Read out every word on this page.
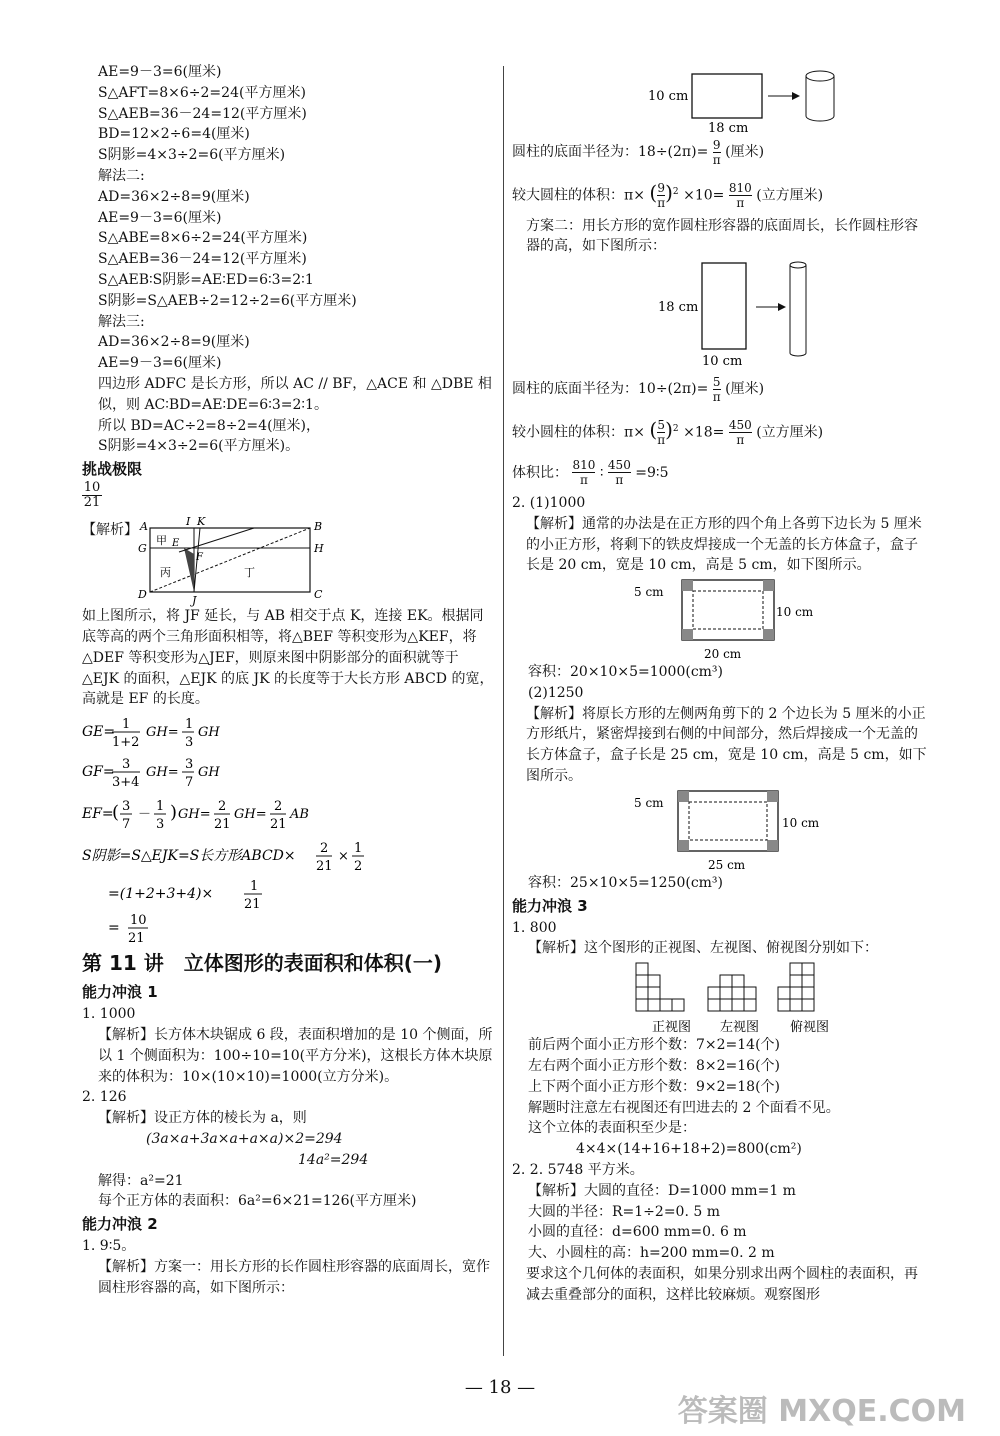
AE=9－3=6(厘米)
S△AFT=8×6÷2=24(平方厘米)
S△AEB=36－24=12(平方厘米)
BD=12×2÷6=4(厘米)
S阴影=4×3÷2=6(平方厘米)
解法二:
AD=36×2÷8=9(厘米)
AE=9－3=6(厘米)
S△ABE=8×6÷2=24(平方厘米)
S△AEB=36－24=12(平方厘米)
S△AEB∶S阴影=AE∶ED=6∶3=2∶1
S阴影=S△AEB÷2=12÷2=6(平方厘米)
解法三:
AD=36×2÷8=9(厘米)
AE=9－3=6(厘米)
四边形 ADFC 是长方形，所以 AC // BF，△ACE 和 △DBE 相似，则 AC∶BD=AE∶DE=6∶3=2∶1。
所以 BD=AC÷2=8÷2=4(厘米)，
S阴影=4×3÷2=6(平方厘米)。
挑战极限
10
21
【解析】 A	I K	B
G	E	H
F
D	J	C
甲
丙	丁
如上图所示，将 JF 延长，与 AB 相交于点 K，连接 EK。根据同底等高的两个三角形面积相等，将△BEF 等积变形为△KEF，将△DEF 等积变形为△JEF，则原来图中阴影部分的面积就等于△EJK 的面积，△EJK 的底 JK 的长度等于大长方形 ABCD 的宽，高就是 EF 的长度。
GE=
GF=
EF=
S阴影=S△EJK=S长方形ABCD×
=(1+2+3+4)×
=
1
1+2
GH=
1
3
GH
3
3+4
GH=
3
7
GH
( 3
7
－
1
3
) GH=
2
21
GH=
2
21
AB
2
21
×
1
2
1
21
10
21
第 11 讲　立体图形的表面积和体积(一)
能力冲浪 1
1. 1000
【解析】长方体木块锯成 6 段，表面积增加的是 10 个侧面，所以 1 个侧面积为：100÷10=10(平方分米)，这根长方体木块原来的体积为：10×(10×10)=1000(立方分米)。
2. 126
【解析】设正方体的棱长为 a，则
(3a×a+3a×a+a×a)×2=294
14a²=294
解得：a²=21
每个正方体的表面积：6a²=6×21=126(平方厘米)
能力冲浪 2
1. 9∶5。
【解析】方案一：用长方形的长作圆柱形容器的底面周长，宽作圆柱形容器的高，如下图所示：
10 cm
18 cm
圆柱的底面半径为：$18\div(2\pi)= \frac{9}{\pi}$ (厘米)
较大圆柱的体积：π× ( $\frac{9}{\pi} )^2 \times 10= \frac{810}{\pi}$ (立方厘米)
方案二：用长方形的宽作圆柱形容器的底面周长，长作圆柱形容器的高，如下图所示：
18 cm
10 cm
圆柱的底面半径为：$10\div(2\pi)= \frac{5}{\pi}$ (厘米)
较小圆柱的体积：π× ( $\frac{5}{\pi} )^2 \times 18= \frac{450}{\pi}$ (立方厘米)
体积比： $\frac{810}{\pi}$ ∶ $\frac{450}{\pi}$ =9∶5
2. (1)1000
【解析】通常的办法是在正方形的四个角上各剪下边长为 5 厘米的小正方形，将剩下的铁皮焊接成一个无盖的长方体盒子，盒子长是 20 cm，宽是 10 cm，高是 5 cm，如下图所示。
5 cm
10 cm
20 cm
容积：20×10×5=1000(cm³)
(2)1250
【解析】将原长方形的左侧两角剪下的 2 个边长为 5 厘米的小正方形纸片，紧密焊接到右侧的中间部分，然后焊接成一个无盖的长方体盒子，盒子长是 25 cm，宽是 10 cm，高是 5 cm，如下图所示。
5 cm
10 cm
25 cm
容积：25×10×5=1250(cm³)
能力冲浪 3
1. 800
【解析】这个图形的正视图、左视图、俯视图分别如下：
正视图 左视图 俯视图
前后两个面小正方形个数：7×2=14(个)
左右两个面小正方形个数：8×2=16(个)
上下两个面小正方形个数：9×2=18(个)
解题时注意左右视图还有凹进去的 2 个面看不见。
这个立体的表面积至少是：
4×4×(14+16+18+2)=800(cm²)
2. 2. 5748 平方米。
【解析】大圆的直径：D=1000 mm=1 m
大圆的半径：R=1÷2=0. 5 m
小圆的直径：d=600 mm=0. 6 m
大、小圆柱的高：h=200 mm=0. 2 m
要求这个几何体的表面积，如果分别求出两个圆柱的表面积，再减去重叠部分的面积，这样比较麻烦。观察图形
— 18 —
答案圈 MXQE.COM
